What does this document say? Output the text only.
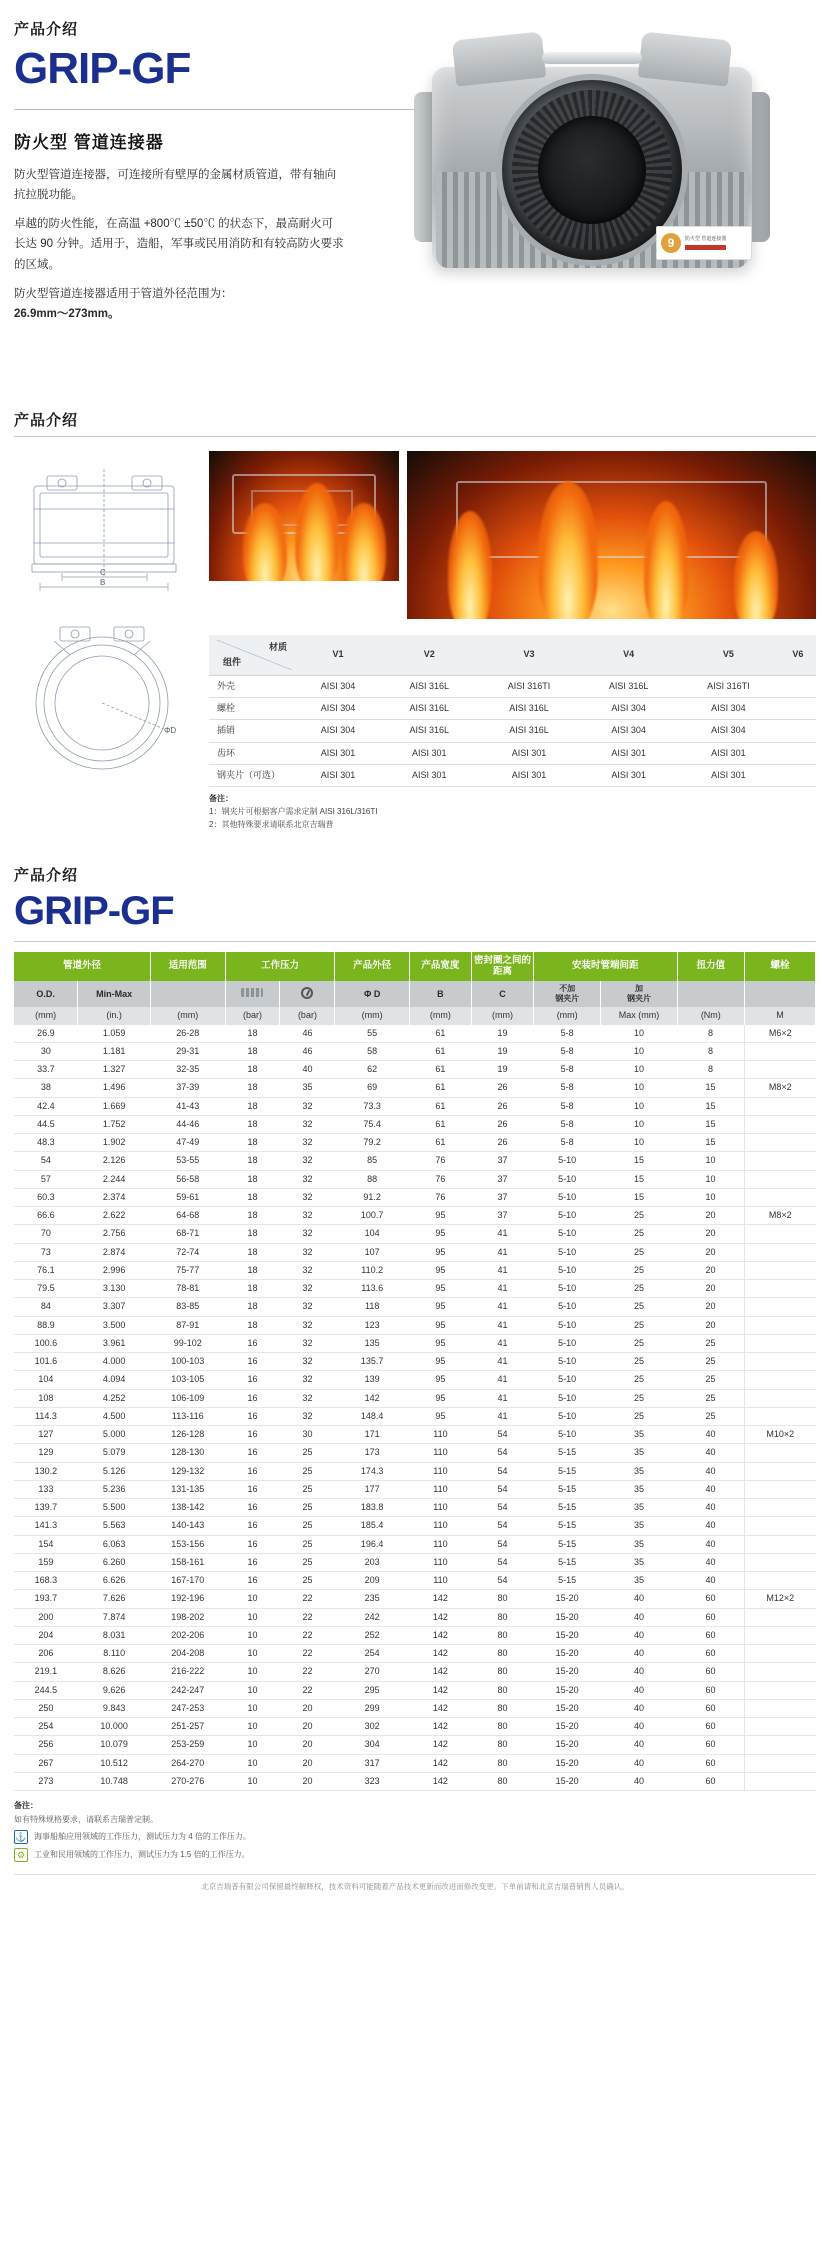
产品介绍
GRIP-GF
防火型 管道连接器

防火型管道连接器，可连接所有壁厚的金属材质管道，带有轴向抗拉脱功能。

卓越的防火性能，在高温 +800℃ ±50℃ 的状态下，最高耐火可长达 90 分钟。适用于，造船，军事或民用消防和有较高防火要求的区域。

防火型管道连接器适用于管道外径范围为：
26.9mm～273mm。

9	防火型 管道连接器
产品介绍
C
B
ΦD
材质
组件	V1	V2	V3	V4	V5	V6
外壳	AISI 304	AISI 316L	AISI 316TI	AISI 316L	AISI 316TI	
螺栓	AISI 304	AISI 316L	AISI 316L	AISI 304	AISI 304	
插销	AISI 304	AISI 316L	AISI 316L	AISI 304	AISI 304	
齿环	AISI 301	AISI 301	AISI 301	AISI 301	AISI 301	
钢夹片（可选）	AISI 301	AISI 301	AISI 301	AISI 301	AISI 301	
备注：
1：钢夹片可根据客户需求定制 AISI 316L/316TI
2：其他特殊要求请联系北京吉瑞普
产品介绍
GRIP-GF
管道外径		适用范围	工作压力		产品外径	产品宽度	密封圈之间的距离	安装时管端间距		扭力值	螺栓
O.D.	Min-Max				Φ D	B	C	不加
钢夹片	加
钢夹片		
(mm)	(in.)	(mm)	(bar)	(bar)	(mm)	(mm)	(mm)	(mm)	Max (mm)	(Nm)	M
26.9	1.059	26-28	18	46	55	61	19	5-8	10	8	M6×2
30	1.181	29-31	18	46	58	61	19	5-8	10	8	
33.7	1.327	32-35	18	40	62	61	19	5-8	10	8	
38	1.496	37-39	18	35	69	61	26	5-8	10	15	M8×2
42.4	1.669	41-43	18	32	73.3	61	26	5-8	10	15	
44.5	1.752	44-46	18	32	75.4	61	26	5-8	10	15	
48.3	1.902	47-49	18	32	79.2	61	26	5-8	10	15	
54	2.126	53-55	18	32	85	76	37	5-10	15	10	
57	2.244	56-58	18	32	88	76	37	5-10	15	10	
60.3	2.374	59-61	18	32	91.2	76	37	5-10	15	10	
66.6	2.622	64-68	18	32	100.7	95	37	5-10	25	20	M8×2
70	2.756	68-71	18	32	104	95	41	5-10	25	20	
73	2.874	72-74	18	32	107	95	41	5-10	25	20	
76.1	2.996	75-77	18	32	110.2	95	41	5-10	25	20	
79.5	3.130	78-81	18	32	113.6	95	41	5-10	25	20	
84	3.307	83-85	18	32	118	95	41	5-10	25	20	
88.9	3.500	87-91	18	32	123	95	41	5-10	25	20	
100.6	3.961	99-102	16	32	135	95	41	5-10	25	25	
101.6	4.000	100-103	16	32	135.7	95	41	5-10	25	25	
104	4.094	103-105	16	32	139	95	41	5-10	25	25	
108	4.252	106-109	16	32	142	95	41	5-10	25	25	
114.3	4.500	113-116	16	32	148.4	95	41	5-10	25	25	
127	5.000	126-128	16	30	171	110	54	5-10	35	40	M10×2
129	5.079	128-130	16	25	173	110	54	5-15	35	40	
130.2	5.126	129-132	16	25	174.3	110	54	5-15	35	40	
133	5.236	131-135	16	25	177	110	54	5-15	35	40	
139.7	5.500	138-142	16	25	183.8	110	54	5-15	35	40	
141.3	5.563	140-143	16	25	185.4	110	54	5-15	35	40	
154	6.063	153-156	16	25	196.4	110	54	5-15	35	40	
159	6.260	158-161	16	25	203	110	54	5-15	35	40	
168.3	6.626	167-170	16	25	209	110	54	5-15	35	40	
193.7	7.626	192-196	10	22	235	142	80	15-20	40	60	M12×2
200	7.874	198-202	10	22	242	142	80	15-20	40	60	
204	8.031	202-206	10	22	252	142	80	15-20	40	60	
206	8.110	204-208	10	22	254	142	80	15-20	40	60	
219.1	8.626	216-222	10	22	270	142	80	15-20	40	60	
244.5	9.626	242-247	10	22	295	142	80	15-20	40	60	
250	9.843	247-253	10	20	299	142	80	15-20	40	60	
254	10.000	251-257	10	20	302	142	80	15-20	40	60	
256	10.079	253-259	10	20	304	142	80	15-20	40	60	
267	10.512	264-270	10	20	317	142	80	15-20	40	60	
273	10.748	270-276	10	20	323	142	80	15-20	40	60	
备注：
如有特殊规格要求，请联系吉瑞普定制。
⚓ 海事船舶应用领域的工作压力，测试压力为 4 倍的工作压力。
⚙	工业和民用领域的工作压力，测试压力为 1.5 倍的工作压力。
北京吉瑞普有限公司保留最终解释权，技术资料可能随着产品技术更新而改进而修改变更。下单前请和北京吉瑞普销售人员确认。
